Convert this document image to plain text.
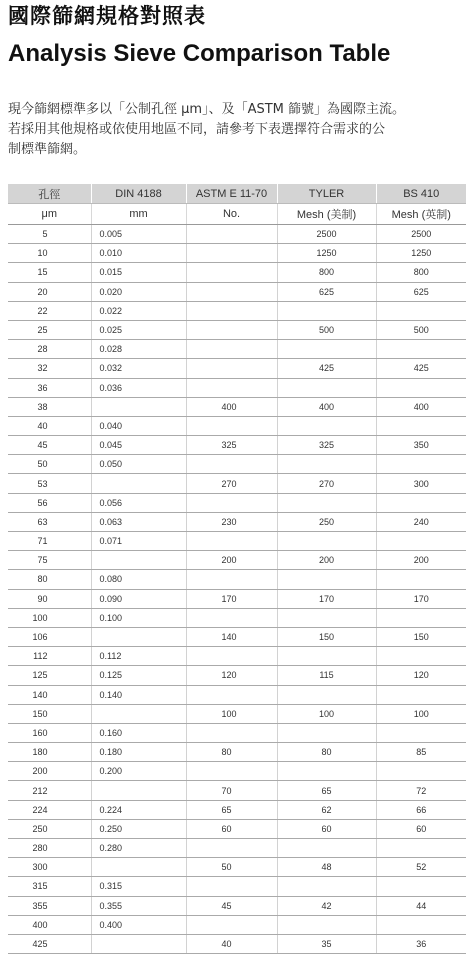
國際篩網規格對照表
Analysis Sieve Comparison Table

現今篩網標準多以「公制孔徑 μm」、及「ASTM 篩號」為國際主流。

若採用其他規格或依使用地區不同，請參考下表選擇符合需求的公

制標準篩網。

孔徑	DIN 4188	ASTM E 11-70	TYLER	BS 410
μm	mm	No.	Mesh (美制)	Mesh (英制)
5	0.005		2500	2500
10	0.010		1250	1250
15	0.015		800	800
20	0.020		625	625
22	0.022			
25	0.025		500	500
28	0.028			
32	0.032		425	425
36	0.036			
38		400	400	400
40	0.040			
45	0.045	325	325	350
50	0.050			
53		270	270	300
56	0.056			
63	0.063	230	250	240
71	0.071			
75		200	200	200
80	0.080			
90	0.090	170	170	170
100	0.100			
106		140	150	150
112	0.112			
125	0.125	120	115	120
140	0.140			
150		100	100	100
160	0.160			
180	0.180	80	80	85
200	0.200			
212		70	65	72
224	0.224	65	62	66
250	0.250	60	60	60
280	0.280			
300		50	48	52
315	0.315			
355	0.355	45	42	44
400	0.400			
425		40	35	36
